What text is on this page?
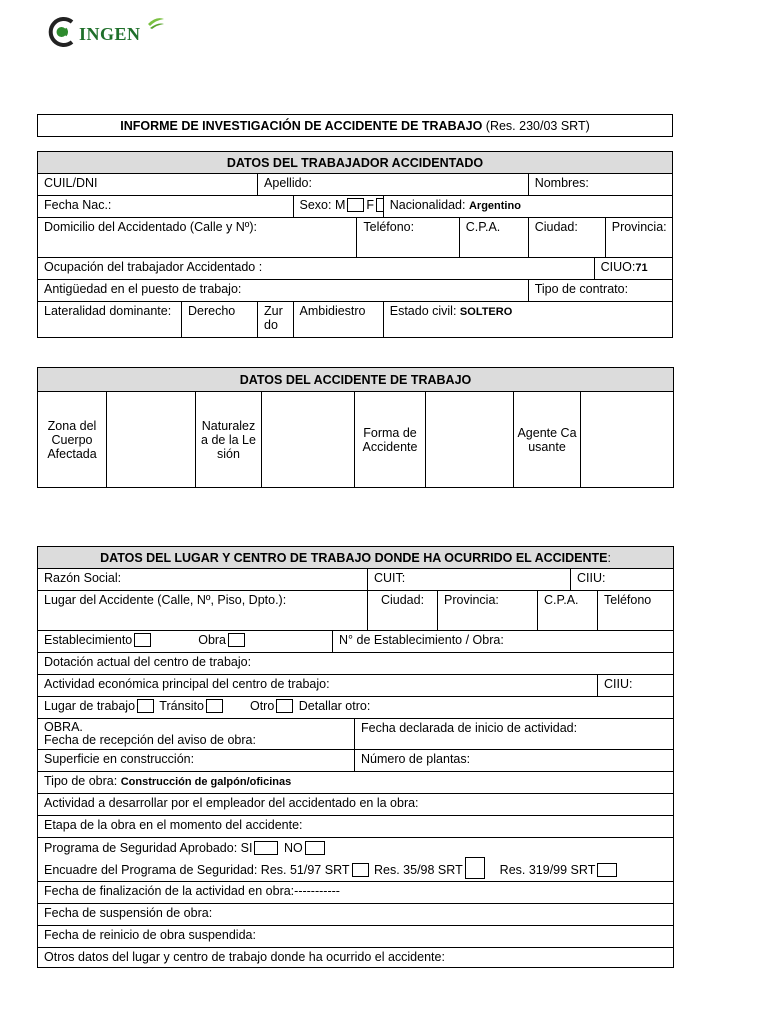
INGEN
INFORME DE INVESTIGACIÓN DE ACCIDENTE DE TRABAJO (Res. 230/03 SRT)
DATOS DEL TRABAJADOR ACCIDENTADO									
CUIL/DNI		Apellido:					Nombres:		
Fecha Nac.:			Sexo: M F		Nacionalidad: Argentino				
Domicilio del Accidentado (Calle y Nº):				Teléfono:		C.P.A.	Ciudad:		Provincia:
Ocupación del trabajador Accidentado :								CIUO:71	
Antigüedad en el puesto de trabajo:							Tipo de contrato:		
Lateralidad dominante:	Derecho	Zurdo	Ambidiestro		Estado civil: SOLTERO				
DATOS DEL ACCIDENTE DE TRABAJO
Zona del Cuerpo Afectada		Naturaleza de la Lesión		Forma de Accidente		Agente Causante	
DATOS DEL LUGAR Y CENTRO DE TRABAJO DONDE HA OCURRIDO EL ACCIDENTE:							
Razón Social:			CUIT:			CIIU:	
Lugar del Accidente (Calle, Nº, Piso, Dpto.):			Ciudad:	Provincia:	C.P.A.		Teléfono
Establecimiento Obra	N° de Establecimiento / Obra:						
Dotación actual del centro de trabajo:							
Actividad económica principal del centro de trabajo:							CIIU:
Lugar de trabajo Tránsito Otro Detallar otro:							

OBRA.
Fecha de recepción del aviso de obra:		Fecha declarada de inicio de actividad:					
Superficie en construcción:		Número de plantas:					
Tipo de obra: Construcción de galpón/oficinas							
Actividad a desarrollar por el empleador del accidentado en la obra:							
Etapa de la obra en el momento del accidente:							

Programa de Seguridad Aprobado: SI NO
Encuadre del Programa de Seguridad: Res. 51/97 SRT Res. 35/98 SRT Res. 319/99 SRT							

Fecha de finalización de la actividad en obra:-----------							
Fecha de suspensión de obra:							
Fecha de reinicio de obra suspendida:							
Otros datos del lugar y centro de trabajo donde ha ocurrido el accidente:							
